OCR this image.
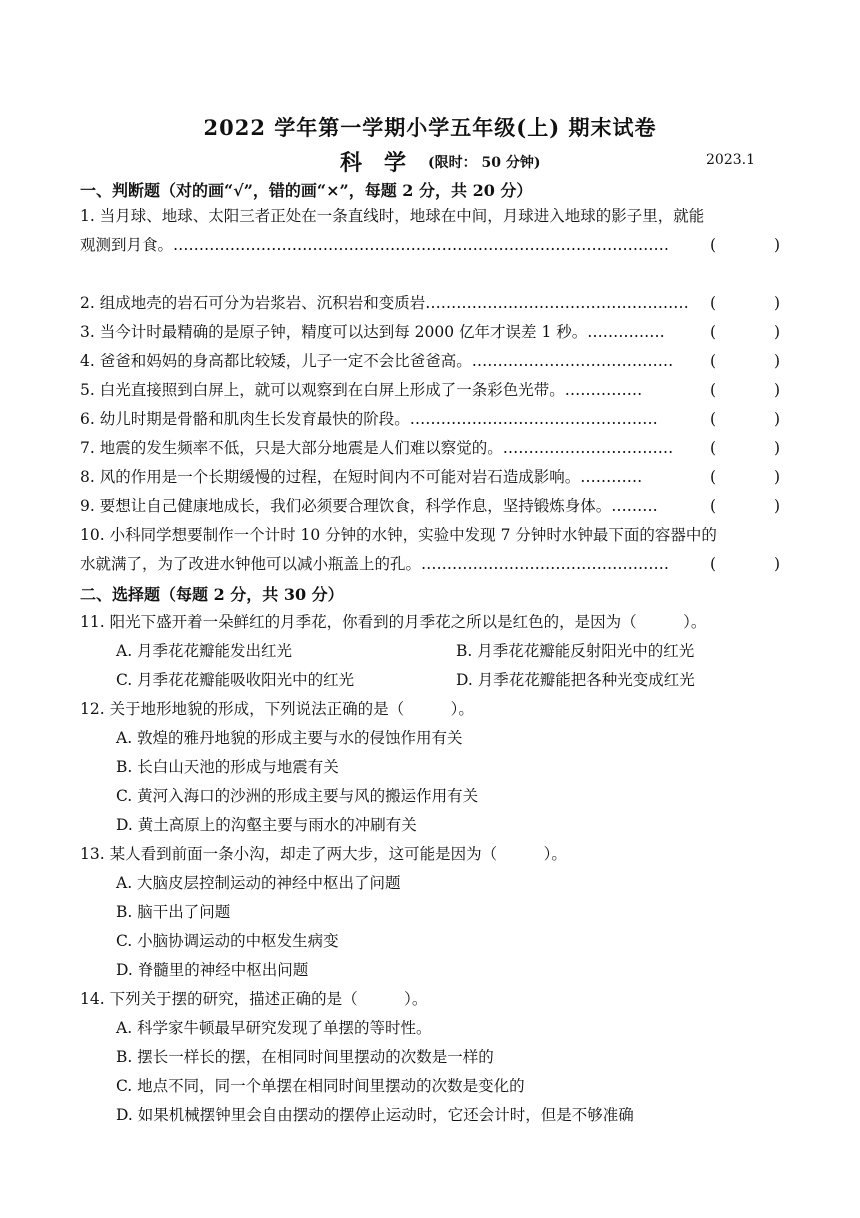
2022 学年第一学期小学五年级(上) 期末试卷
科学 (限时： 50 分钟)	2023.1
一、判断题（对的画“√”，错的画“×”，每题 2 分，共 20 分）
1. 当月球、地球、太阳三者正处在一条直线时，地球在中间，月球进入地球的影子里，就能
观测到月食。……………………………………………………………………………………	(	)
2. 组成地壳的岩石可分为岩浆岩、沉积岩和变质岩…………………………………………… (	)
3. 当今计时最精确的是原子钟，精度可以达到每 2000 亿年才误差 1 秒。……………	(	)
4. 爸爸和妈妈的身高都比较矮，儿子一定不会比爸爸高。………………………………… (	)
5. 白光直接照到白屏上，就可以观察到在白屏上形成了一条彩色光带。……………	(	)
6. 幼儿时期是骨骼和肌肉生长发育最快的阶段。…………………………………………	(	)
7. 地震的发生频率不低，只是大部分地震是人们难以察觉的。…………………………… (	)
8. 风的作用是一个长期缓慢的过程，在短时间内不可能对岩石造成影响。…………	(	)
9. 要想让自己健康地成长，我们必须要合理饮食，科学作息，坚持锻炼身体。………	(	)
10. 小科同学想要制作一个计时 10 分钟的水钟，实验中发现 7 分钟时水钟最下面的容器中的
水就满了，为了改进水钟他可以减小瓶盖上的孔。…………………………………………	(	)
二、选择题（每题 2 分，共 30 分）
11. 阳光下盛开着一朵鲜红的月季花，你看到的月季花之所以是红色的，是因为（　　　）。
A. 月季花花瓣能发出红光	B. 月季花花瓣能反射阳光中的红光
C. 月季花花瓣能吸收阳光中的红光	D. 月季花花瓣能把各种光变成红光
12. 关于地形地貌的形成，下列说法正确的是（　　　）。
A. 敦煌的雅丹地貌的形成主要与水的侵蚀作用有关
B. 长白山天池的形成与地震有关
C. 黄河入海口的沙洲的形成主要与风的搬运作用有关
D. 黄土高原上的沟壑主要与雨水的冲刷有关
13. 某人看到前面一条小沟，却走了两大步，这可能是因为（　　　）。
A. 大脑皮层控制运动的神经中枢出了问题
B. 脑干出了问题
C. 小脑协调运动的中枢发生病变
D. 脊髓里的神经中枢出问题
14. 下列关于摆的研究，描述正确的是（　　　）。
A. 科学家牛顿最早研究发现了单摆的等时性。
B. 摆长一样长的摆，在相同时间里摆动的次数是一样的
C. 地点不同，同一个单摆在相同时间里摆动的次数是变化的
D. 如果机械摆钟里会自由摆动的摆停止运动时，它还会计时，但是不够准确
